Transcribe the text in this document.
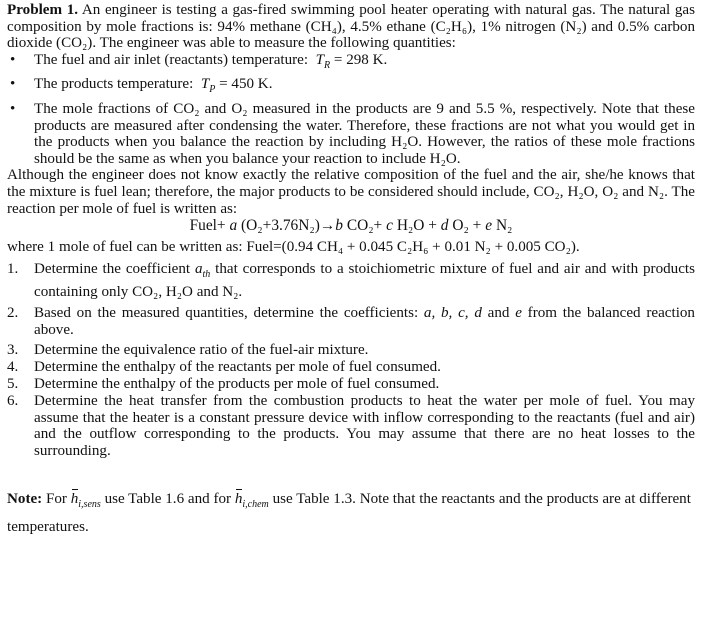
Problem 1. An engineer is testing a gas-fired swimming pool heater operating with natural gas. The natural gas composition by mole fractions is: 94% methane (CH₄), 4.5% ethane (C₂H₆), 1% nitrogen (N₂) and 0.5% carbon dioxide (CO₂). The engineer was able to measure the following quantities:

• The fuel and air inlet (reactants) temperature: $T_R = 298$ K.
• The products temperature: $T_P = 450$ K.
• The mole fractions of CO₂ and O₂ measured in the products are 9 and 5.5 %, respectively. Note that these products are measured after condensing the water. Therefore, these fractions are not what you would get in the products when you balance the reaction by including H₂O. However, the ratios of these mole fractions should be the same as when you balance your reaction to include H₂O.

Although the engineer does not know exactly the relative composition of the fuel and the air, she/he knows that the mixture is fuel lean; therefore, the major products to be considered should include, CO₂, H₂O, O₂ and N₂. The reaction per mole of fuel is written as:

Fuel+ a (O₂+3.76N₂)→b CO₂+ c H₂O + d O₂ + e N₂

where 1 mole of fuel can be written as: Fuel=(0.94 CH₄ + 0.045 C₂H₆ + 0.01 N₂ + 0.005 CO₂).

1. Determine the coefficient $a_{th}$ that corresponds to a stoichiometric mixture of fuel and air and with products containing only CO₂, H₂O and N₂.
2. Based on the measured quantities, determine the coefficients: a, b, c, d and e from the balanced reaction above.
3. Determine the equivalence ratio of the fuel-air mixture.
4. Determine the enthalpy of the reactants per mole of fuel consumed.
5. Determine the enthalpy of the products per mole of fuel consumed.
6. Determine the heat transfer from the combustion products to heat the water per mole of fuel. You may assume that the heater is a constant pressure device with inflow corresponding to the reactants (fuel and air) and the outflow corresponding to the products. You may assume that there are no heat losses to the surrounding.

Note: For $h_{i,sens}$ use Table 1.6 and for $h_{i,chem}$ use Table 1.3. Note that the reactants and the products are at different temperatures.
